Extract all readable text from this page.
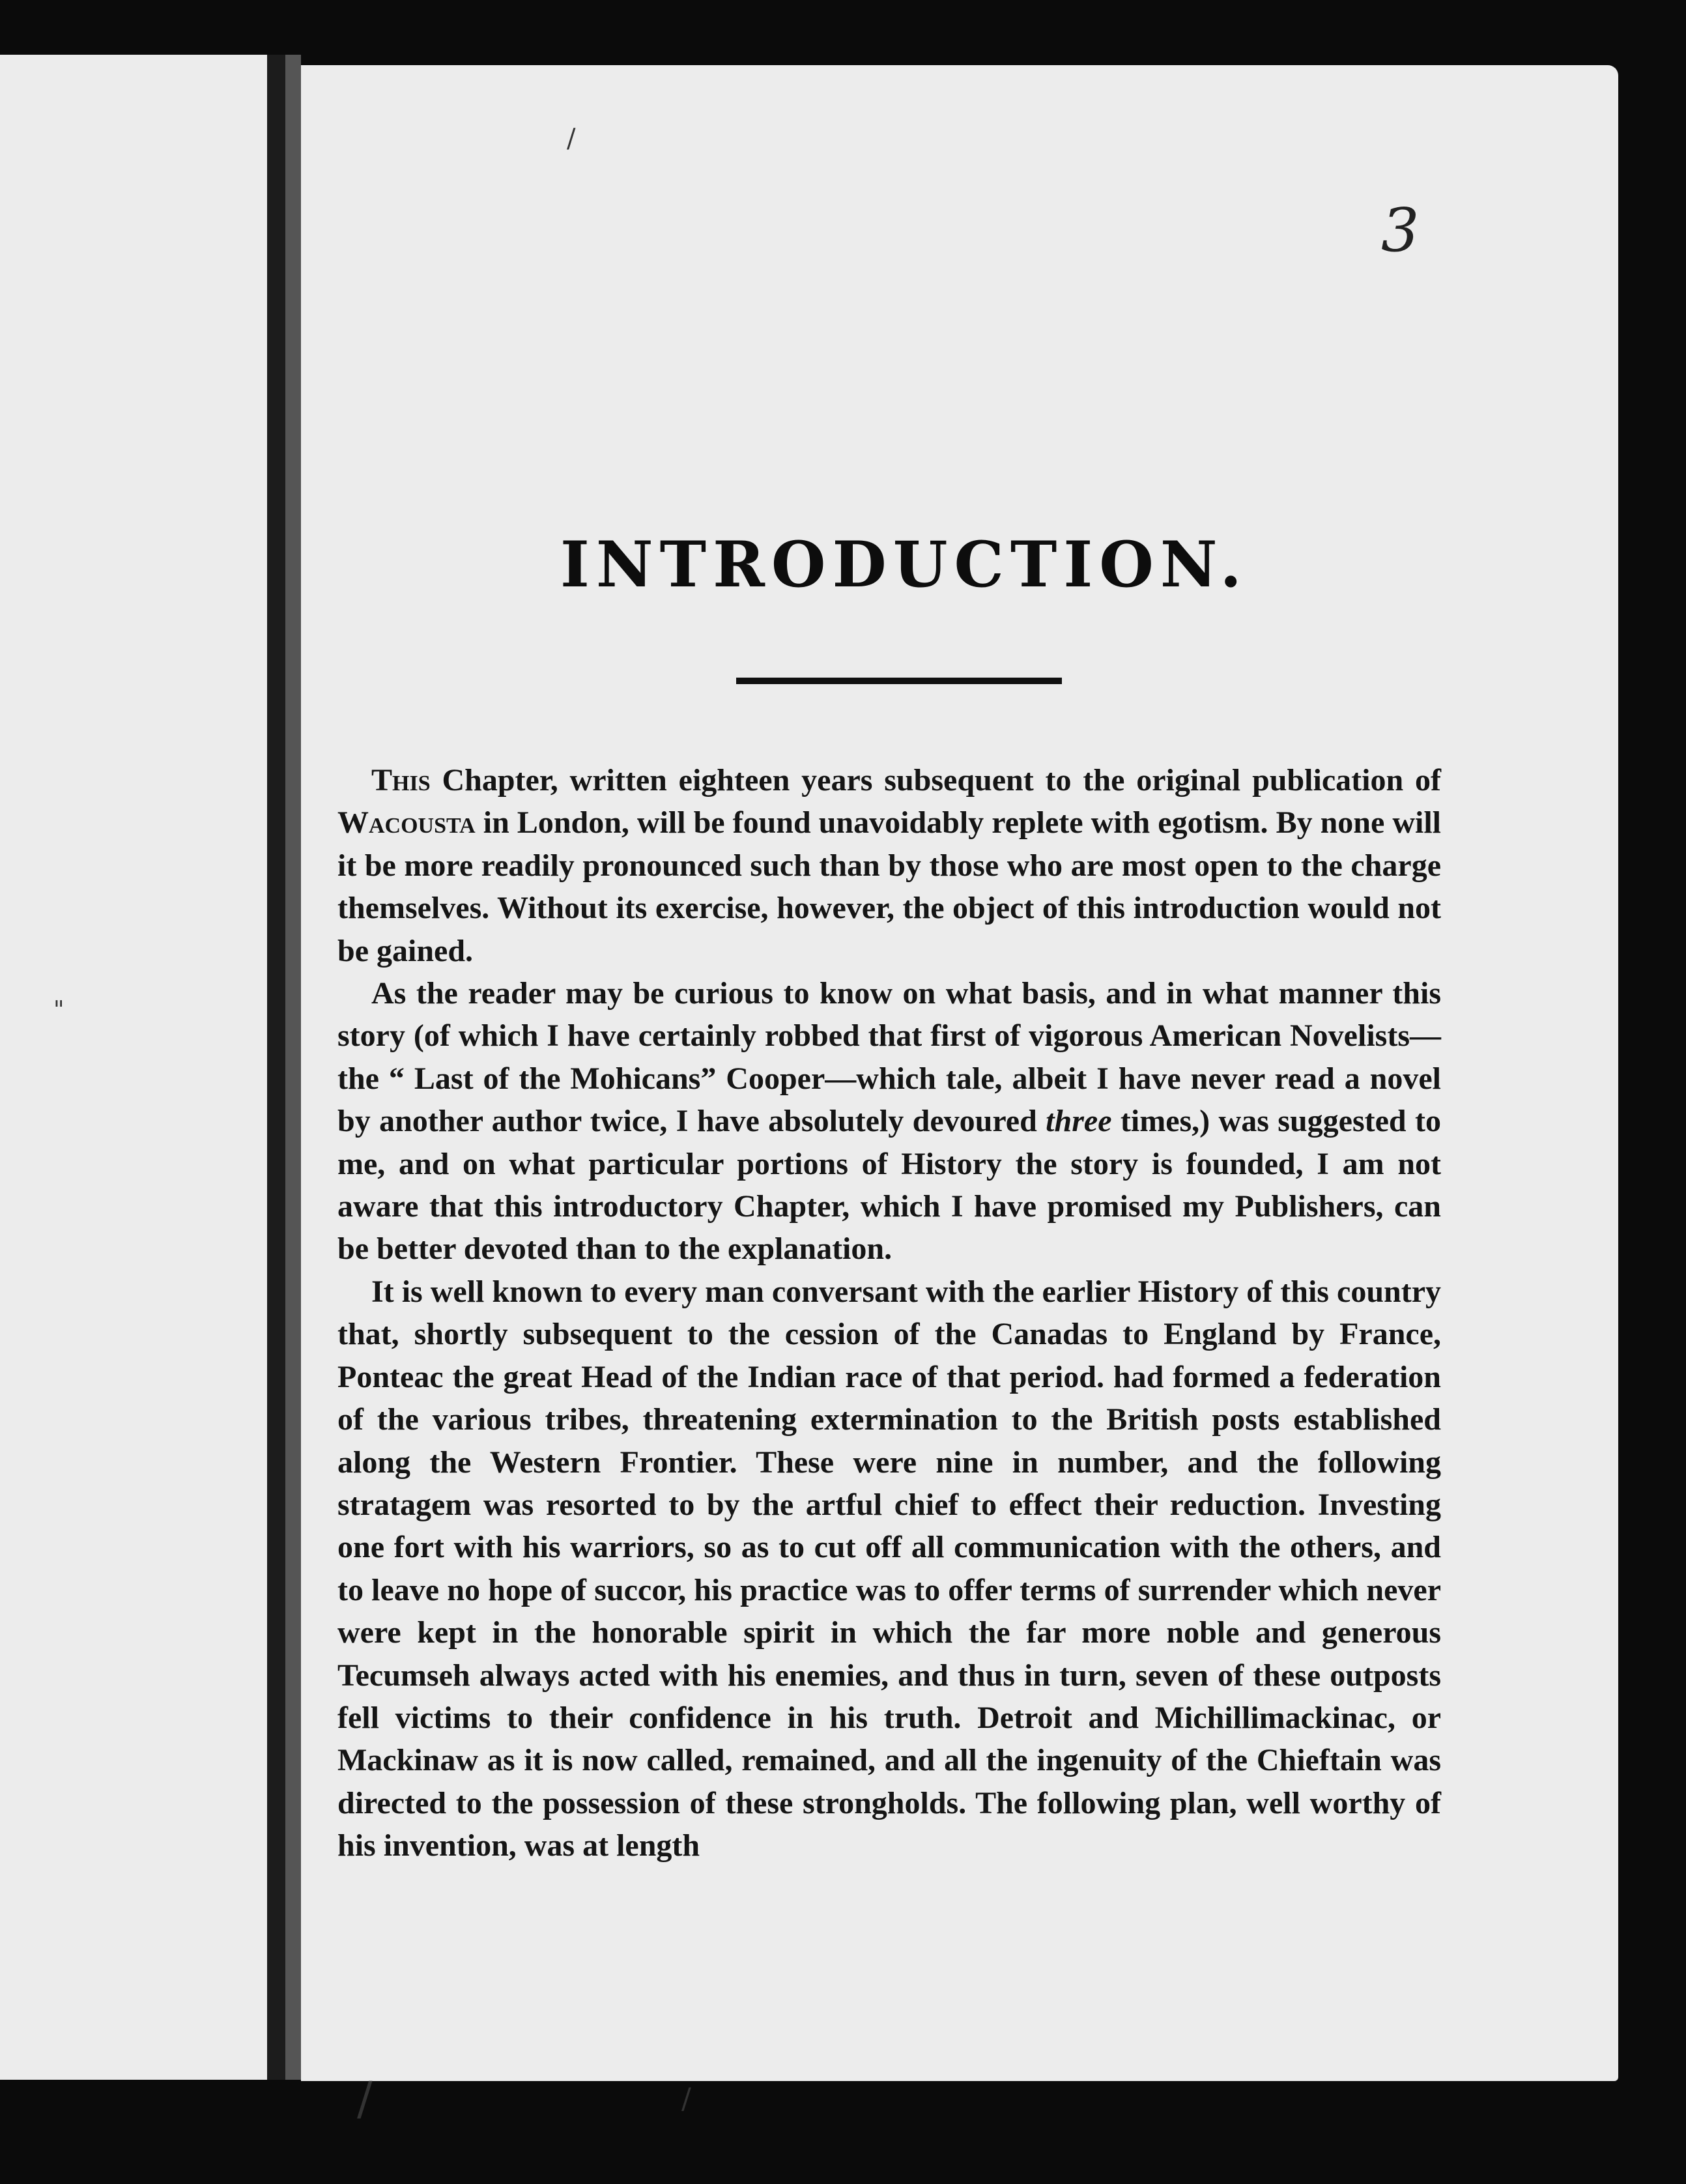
3
INTRODUCTION.

This Chapter, written eighteen years subsequent to the original publication of Wacousta in London, will be found unavoidably replete with egotism. By none will it be more readily pronounced such than by those who are most open to the charge themselves. Without its exercise, however, the object of this introduction would not be gained.

As the reader may be curious to know on what basis, and in what manner this story (of which I have certainly robbed that first of vigorous American Novelists—the “ Last of the Mohicans” Cooper—which tale, albeit I have never read a novel by another author twice, I have absolutely devoured three times,) was suggested to me, and on what particular portions of History the story is founded, I am not aware that this introductory Chapter, which I have promised my Publishers, can be better devoted than to the explanation.

It is well known to every man conversant with the earlier History of this country that, shortly subsequent to the cession of the Canadas to England by France, Ponteac the great Head of the Indian race of that period. had formed a federation of the various tribes, threatening extermination to the British posts established along the Western Frontier. These were nine in number, and the following stratagem was resorted to by the artful chief to effect their reduction. Investing one fort with his warriors, so as to cut off all communication with the others, and to leave no hope of succor, his practice was to offer terms of surrender which never were kept in the honorable spirit in which the far more noble and generous Tecumseh always acted with his enemies, and thus in turn, seven of these outposts fell victims to their confidence in his truth. Detroit and Michillimackinac, or Mackinaw as it is now called, remained, and all the ingenuity of the Chieftain was directed to the possession of these strongholds. The following plan, well worthy of his invention, was at length

/
"
/	/
